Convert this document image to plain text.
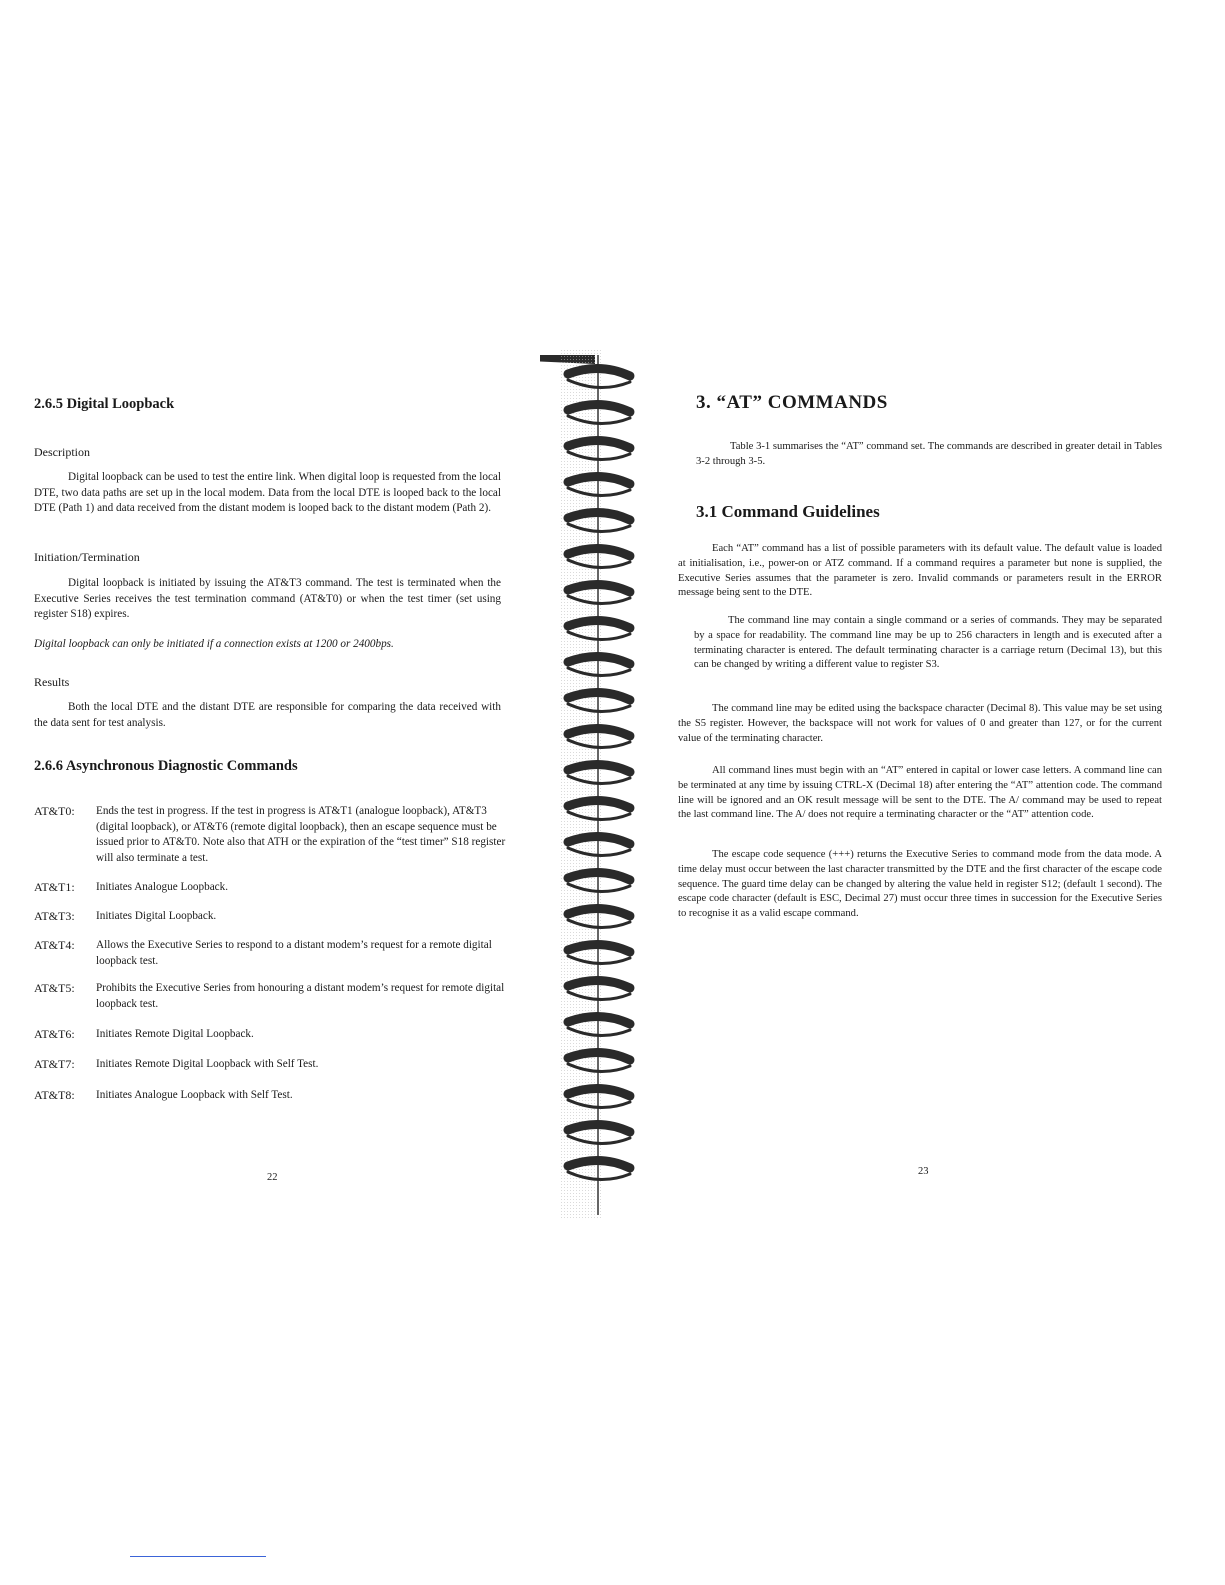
2.6.5 Digital Loopback
Description
Digital loopback can be used to test the entire link. When digital loop is requested from the local DTE, two data paths are set up in the local modem. Data from the local DTE is looped back to the local DTE (Path 1) and data received from the distant modem is looped back to the distant modem (Path 2).
Initiation/Termination
Digital loopback is initiated by issuing the AT&T3 command. The test is terminated when the Executive Series receives the test termination command (AT&T0) or when the test timer (set using register S18) expires.
Digital loopback can only be initiated if a connection exists at 1200 or 2400bps.
Results
Both the local DTE and the distant DTE are responsible for comparing the data received with the data sent for test analysis.
2.6.6 Asynchronous Diagnostic Commands
AT&T0:	Ends the test in progress. If the test in progress is AT&T1 (analogue loopback), AT&T3 (digital loopback), or AT&T6 (remote digital loopback), then an escape sequence must be issued prior to AT&T0. Note also that ATH or the expiration of the “test timer” S18 register will also terminate a test.
AT&T1:	Initiates Analogue Loopback.
AT&T3:	Initiates Digital Loopback.
AT&T4:	Allows the Executive Series to respond to a distant modem’s request for a remote digital loopback test.
AT&T5:	Prohibits the Executive Series from honouring a distant modem’s request for remote digital loopback test.
AT&T6:	Initiates Remote Digital Loopback.
AT&T7:	Initiates Remote Digital Loopback with Self Test.
AT&T8:	Initiates Analogue Loopback with Self Test.
22
3. “AT” COMMANDS
Table 3-1 summarises the “AT” command set. The commands are described in greater detail in Tables 3-2 through 3-5.
3.1 Command Guidelines
Each “AT” command has a list of possible parameters with its default value. The default value is loaded at initialisation, i.e., power-on or ATZ command. If a command requires a parameter but none is supplied, the Executive Series assumes that the parameter is zero. Invalid commands or parameters result in the ERROR message being sent to the DTE.
The command line may contain a single command or a series of commands. They may be separated by a space for readability. The command line may be up to 256 characters in length and is executed after a terminating character is entered. The default terminating character is a carriage return (Decimal 13), but this can be changed by writing a different value to register S3.
The command line may be edited using the backspace character (Decimal 8). This value may be set using the S5 register. However, the backspace will not work for values of 0 and greater than 127, or for the current value of the terminating character.
All command lines must begin with an “AT” entered in capital or lower case letters. A command line can be terminated at any time by issuing CTRL-X (Decimal 18) after entering the “AT” attention code. The command line will be ignored and an OK result message will be sent to the DTE. The A/ command may be used to repeat the last command line. The A/ does not require a terminating character or the “AT” attention code.
The escape code sequence (+++) returns the Executive Series to command mode from the data mode. A time delay must occur between the last character transmitted by the DTE and the first character of the escape code sequence. The guard time delay can be changed by altering the value held in register S12; (default 1 second). The escape code character (default is ESC, Decimal 27) must occur three times in succession for the Executive Series to recognise it as a valid escape command.
23
